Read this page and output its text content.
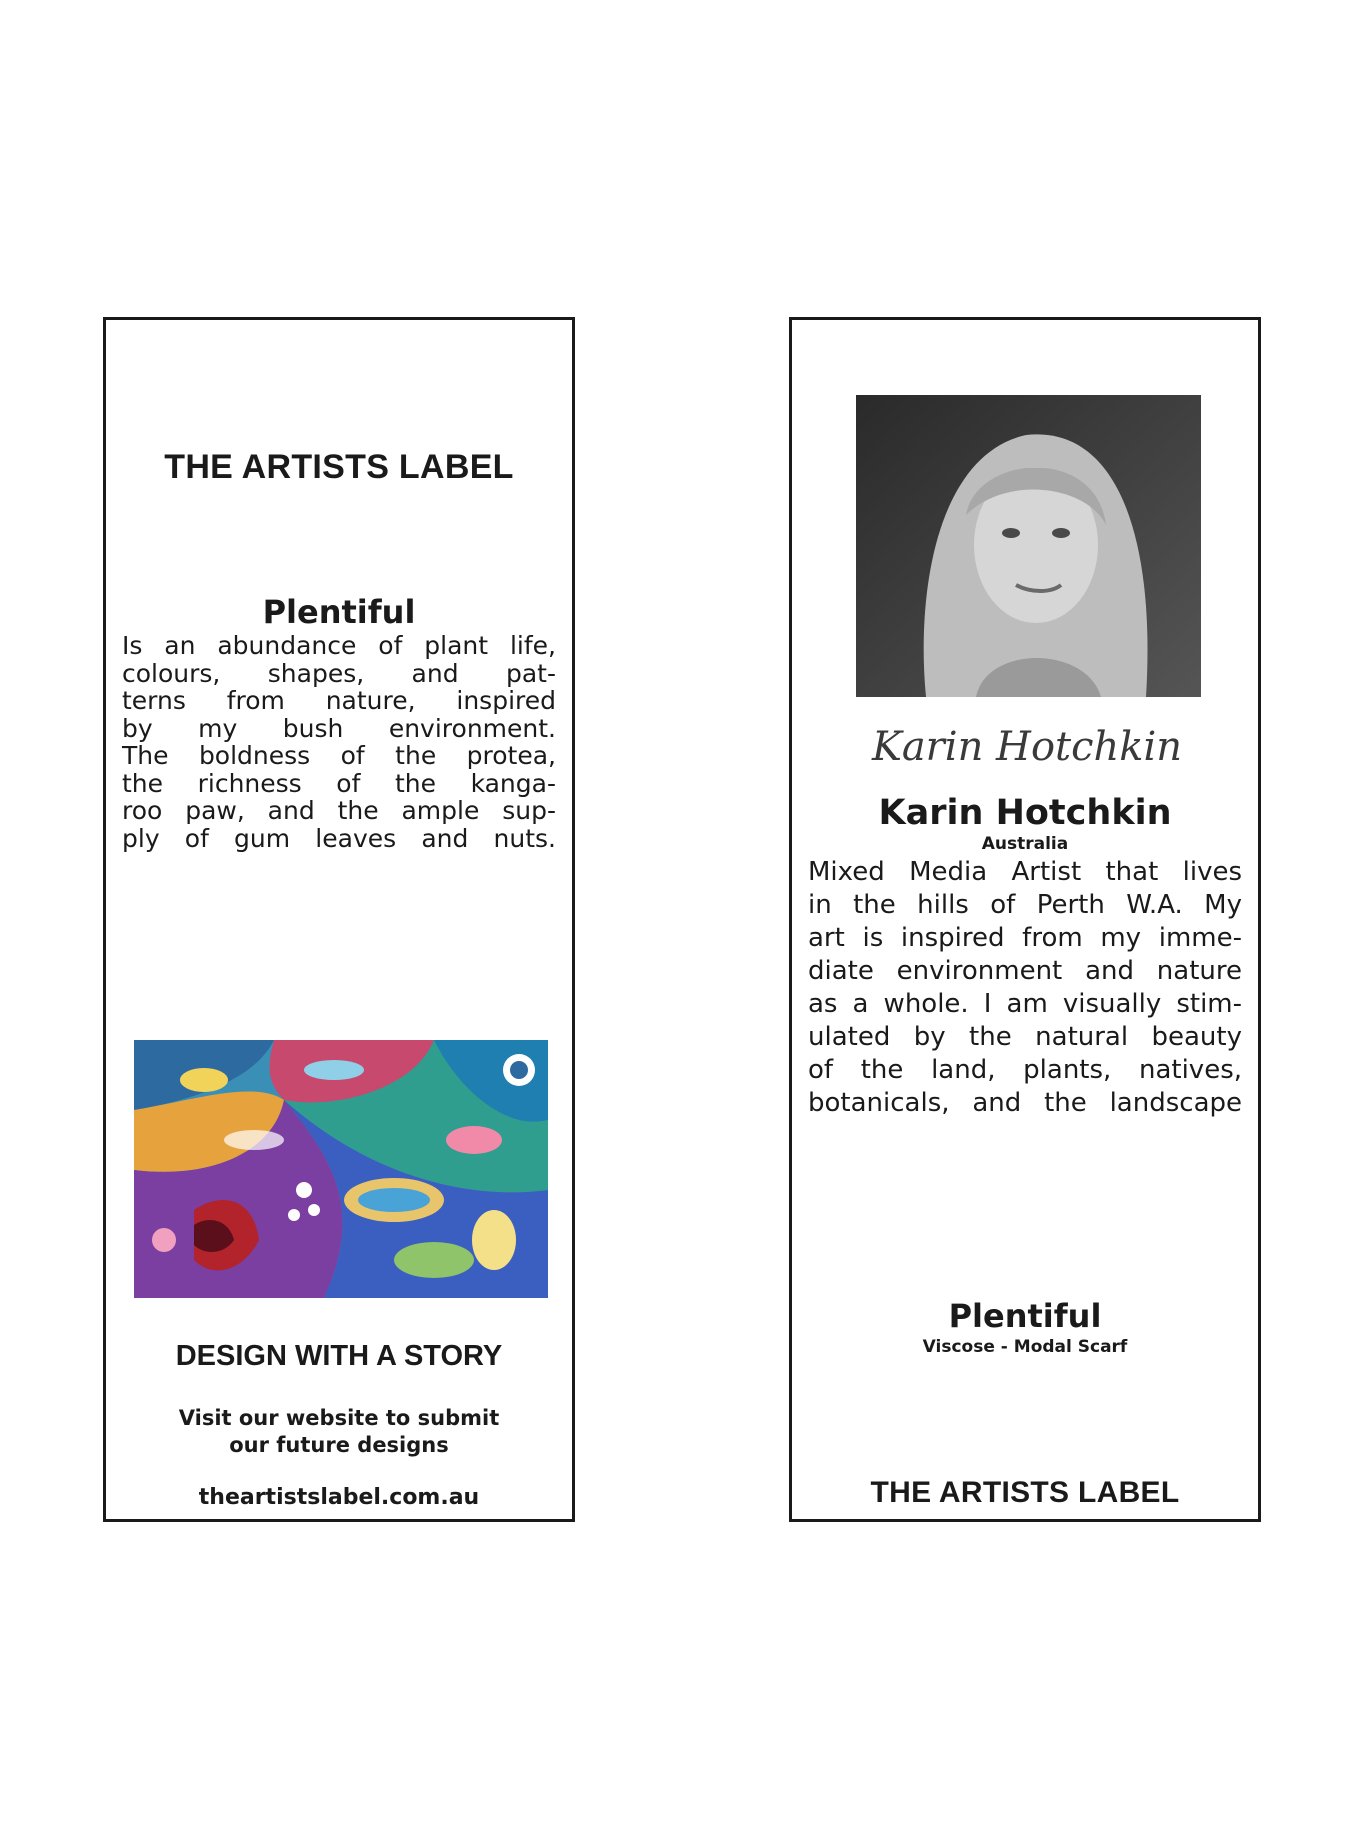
THE ARTISTS LABEL
Plentiful
Is an abundance of plant life,
colours, shapes, and pat-
terns from nature, inspired
by my bush environment.
The boldness of the protea,
the richness of the kanga-
roo paw, and the ample sup-
ply of gum leaves and nuts.
DESIGN WITH A STORY
Visit our website to submit
our future designs
theartistslabel.com.au
Karin Hotchkin
Karin Hotchkin
Australia
Mixed Media Artist that lives
in the hills of Perth W.A. My
art is inspired from my imme-
diate environment and nature
as a whole. I am visually stim-
ulated by the natural beauty
of the land, plants, natives,
botanicals, and the landscape
Plentiful
Viscose - Modal Scarf
THE ARTISTS LABEL
